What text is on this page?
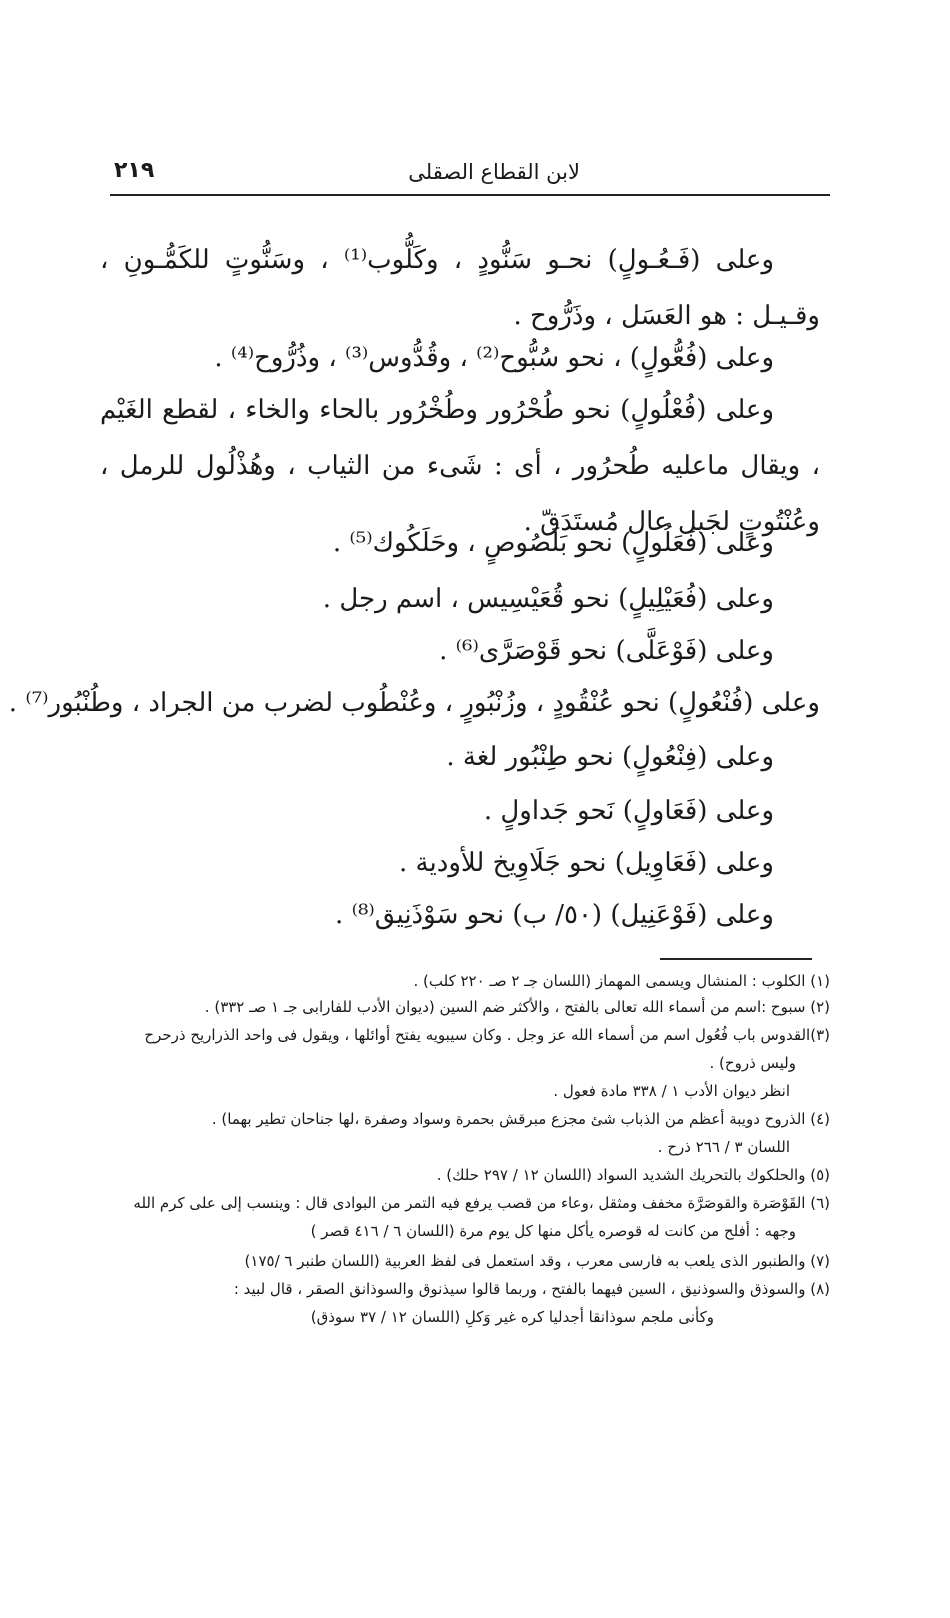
لابن القطاع الصقلى
٢١٩

وعلى (فَـعُـولٍ) نحـو سَنُّودٍ ، وكَلُّوب⁽¹⁾ ، وسَنُّوتٍ للكَمُّـونِ ، وقـيـل : هو العَسَل ، وذَرُّوح .

وعلى (فُعُّولٍ) ، نحو سُبُّوح⁽²⁾ ، وقُدُّوس⁽³⁾ ، وذُرُّوح⁽⁴⁾ .

وعلى (فُعْلُولٍ) نحو طُحْرُور وطُخْرُور بالحاء والخاء ، لقطع الغَيْم ، ويقال ماعليه طُحرُور ، أى : شَىء من الثياب ، وهُذْلُول للرمل ، وعُنْتُوتٍ لجَبل عال مُستَدَقّ .

وعلى (فَعَلُولٍ) نحو بَلَصُوصٍ ، وحَلَكُوك⁽⁵⁾ .
وعلى (فُعَيْلِيلٍ) نحو قُعَيْسِيس ، اسم رجل .
وعلى (فَوْعَلَّى) نحو قَوْصَرَّى⁽⁶⁾ .
وعلى (فُنْعُولٍ) نحو عُنْقُودٍ ، وزُنْبُورٍ ، وعُنْطُوب لضرب من الجراد ، وطُنْبُور⁽⁷⁾ .
وعلى (فِنْعُولٍ) نحو طِنْبُور لغة .
وعلى (فَعَاولٍ) نَحو جَداولٍ .
وعلى (فَعَاوِيل) نحو جَلَاوِيخ للأودية .
وعلى (فَوْعَنِيل) (٥٠/ ب) نحو سَوْذَنِيق⁽⁸⁾ .
(١) الكلوب : المنشال ويسمى المهماز (اللسان جـ ٢ صـ ٢٢٠ كلب) .
(٢) سبوح :اسم من أسماء الله تعالى بالفتح ، والأكثر ضم السين (ديوان الأدب للفارابى جـ ١ صـ ٣٣٢) .
(٣)القدوس باب فُعُول اسم من أسماء الله عز وجل . وكان سيبويه يفتح أوائلها ، ويقول فى واحد الذراريح ذرحرح
وليس ذروح) .
انظر ديوان الأدب ١ / ٣٣٨ مادة فعول .
(٤) الذروح دويبة أعظم من الذباب شئ مجزع مبرقش بحمرة وسواد وصفرة ،لها جناحان تطير بهما) .
اللسان ٣ / ٢٦٦ ذرح .
(٥) والحلكوك بالتحريك الشديد السواد (اللسان ١٢ / ٢٩٧ حلك) .
(٦) القَوْصَرة والقوصَرَّة مخفف ومثقل ،وعاء من قصب يرفع فيه التمر من البوادى قال : وينسب إلى على كرم الله
وجهه : أفلح من كانت له قوصره يأكل منها كل يوم مرة (اللسان ٦ / ٤١٦ قصر )
(٧) والطنبور الذى يلعب به فارسى معرب ، وقد استعمل فى لفظ العربية (اللسان طنبر ٦ /١٧٥)
(٨) والسوذق والسوذنيق ، السين فيهما بالفتح ، وربما قالوا سيذنوق والسوذانق الصقر ، قال لبيد :
وكأنى ملجم سوذانقا أجدليا كره غير وَكلِ (اللسان ١٢ / ٣٧ سوذق)
